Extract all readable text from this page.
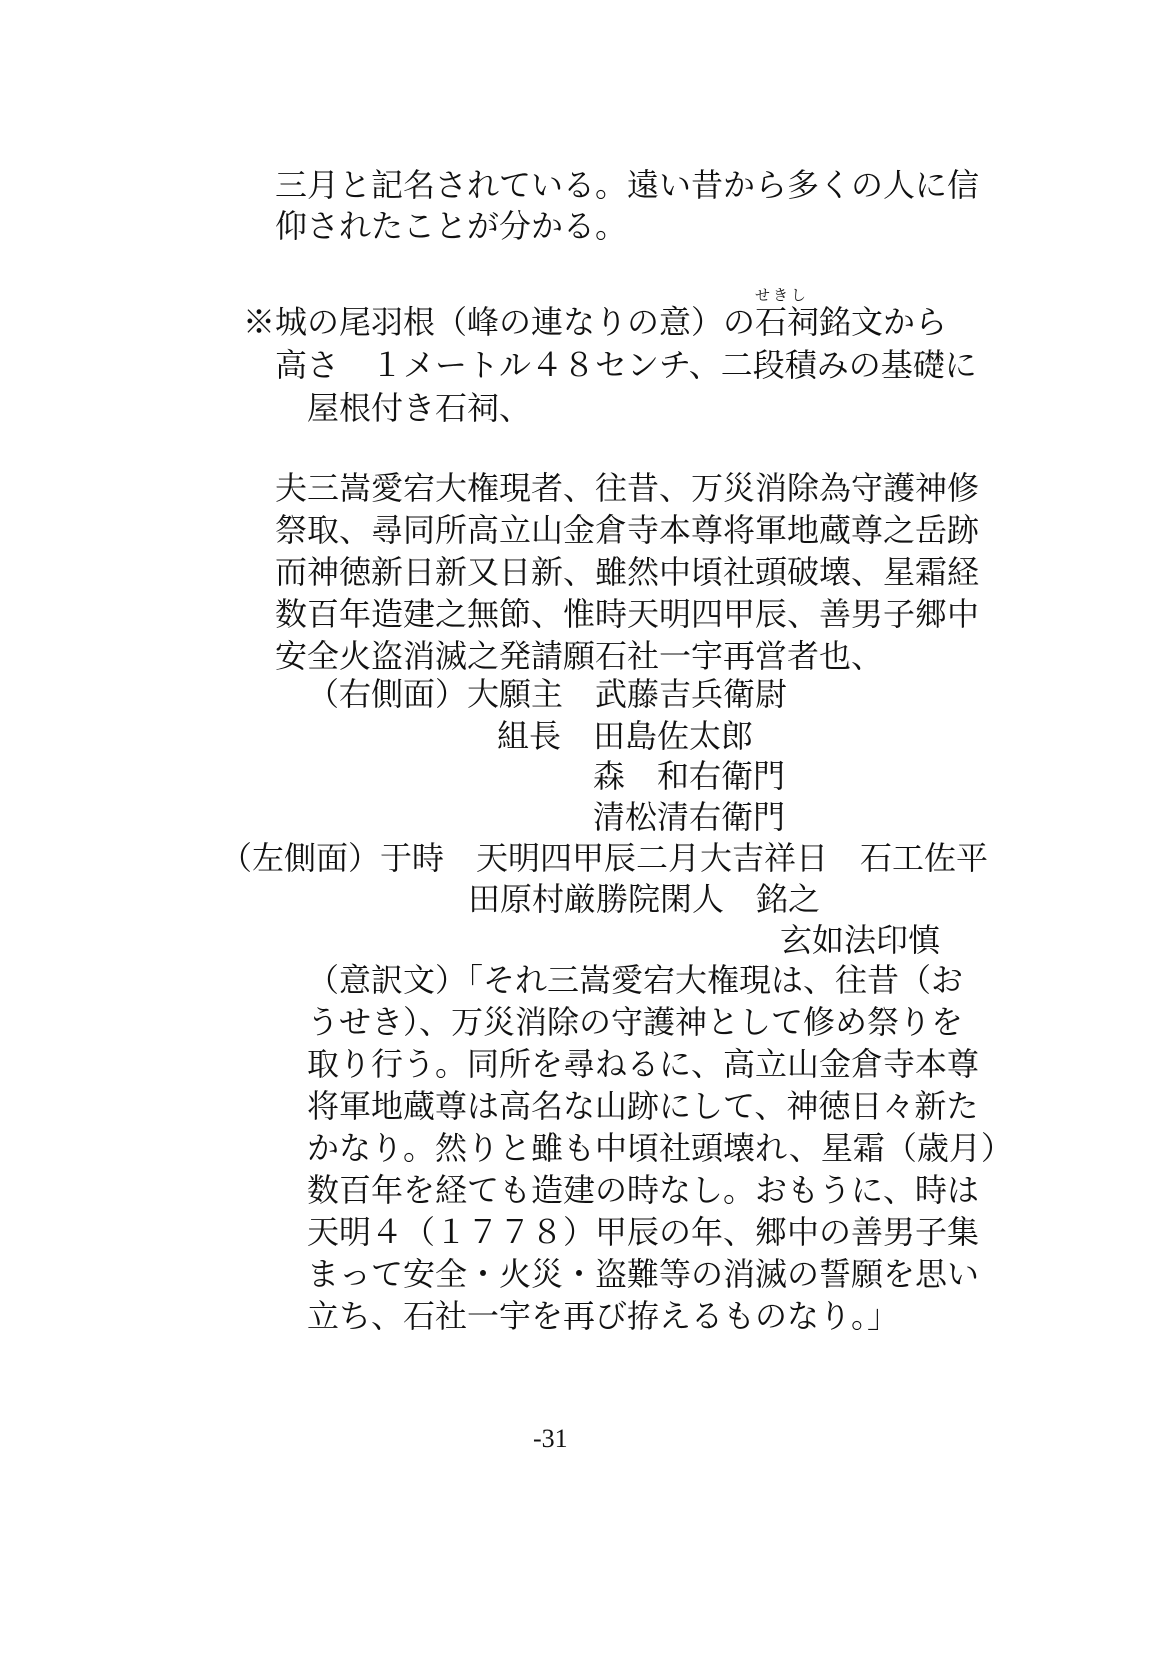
三月と記名されている。遠い昔から多くの人に信
仰されたことが分かる。
せきし
※城の尾羽根（峰の連なりの意）の石祠銘文から
高さ　１メートル４８センチ、二段積みの基礎に
屋根付き石祠、
夫三嵩愛宕大権現者、往昔、万災消除為守護神修
祭取、尋同所高立山金倉寺本尊将軍地蔵尊之岳跡
而神徳新日新又日新、雖然中頃社頭破壊、星霜経
数百年造建之無節、惟時天明四甲辰、善男子郷中
安全火盗消滅之発請願石社一宇再営者也、
（右側面）大願主　武藤吉兵衛尉
組長　田島佐太郎
森　和右衛門
清松清右衛門
（左側面）于時　天明四甲辰二月大吉祥日　石工佐平
田原村厳勝院閑人　銘之
玄如法印慎
（意訳文）「それ三嵩愛宕大権現は、往昔（お
うせき）、万災消除の守護神として修め祭りを
取り行う。同所を尋ねるに、高立山金倉寺本尊
将軍地蔵尊は高名な山跡にして、神徳日々新た
かなり。然りと雖も中頃社頭壊れ、星霜（歳月）
数百年を経ても造建の時なし。おもうに、時は
天明４（１７７８）甲辰の年、郷中の善男子集
まって安全・火災・盗難等の消滅の誓願を思い
立ち、石社一宇を再び拵えるものなり。」
-31
